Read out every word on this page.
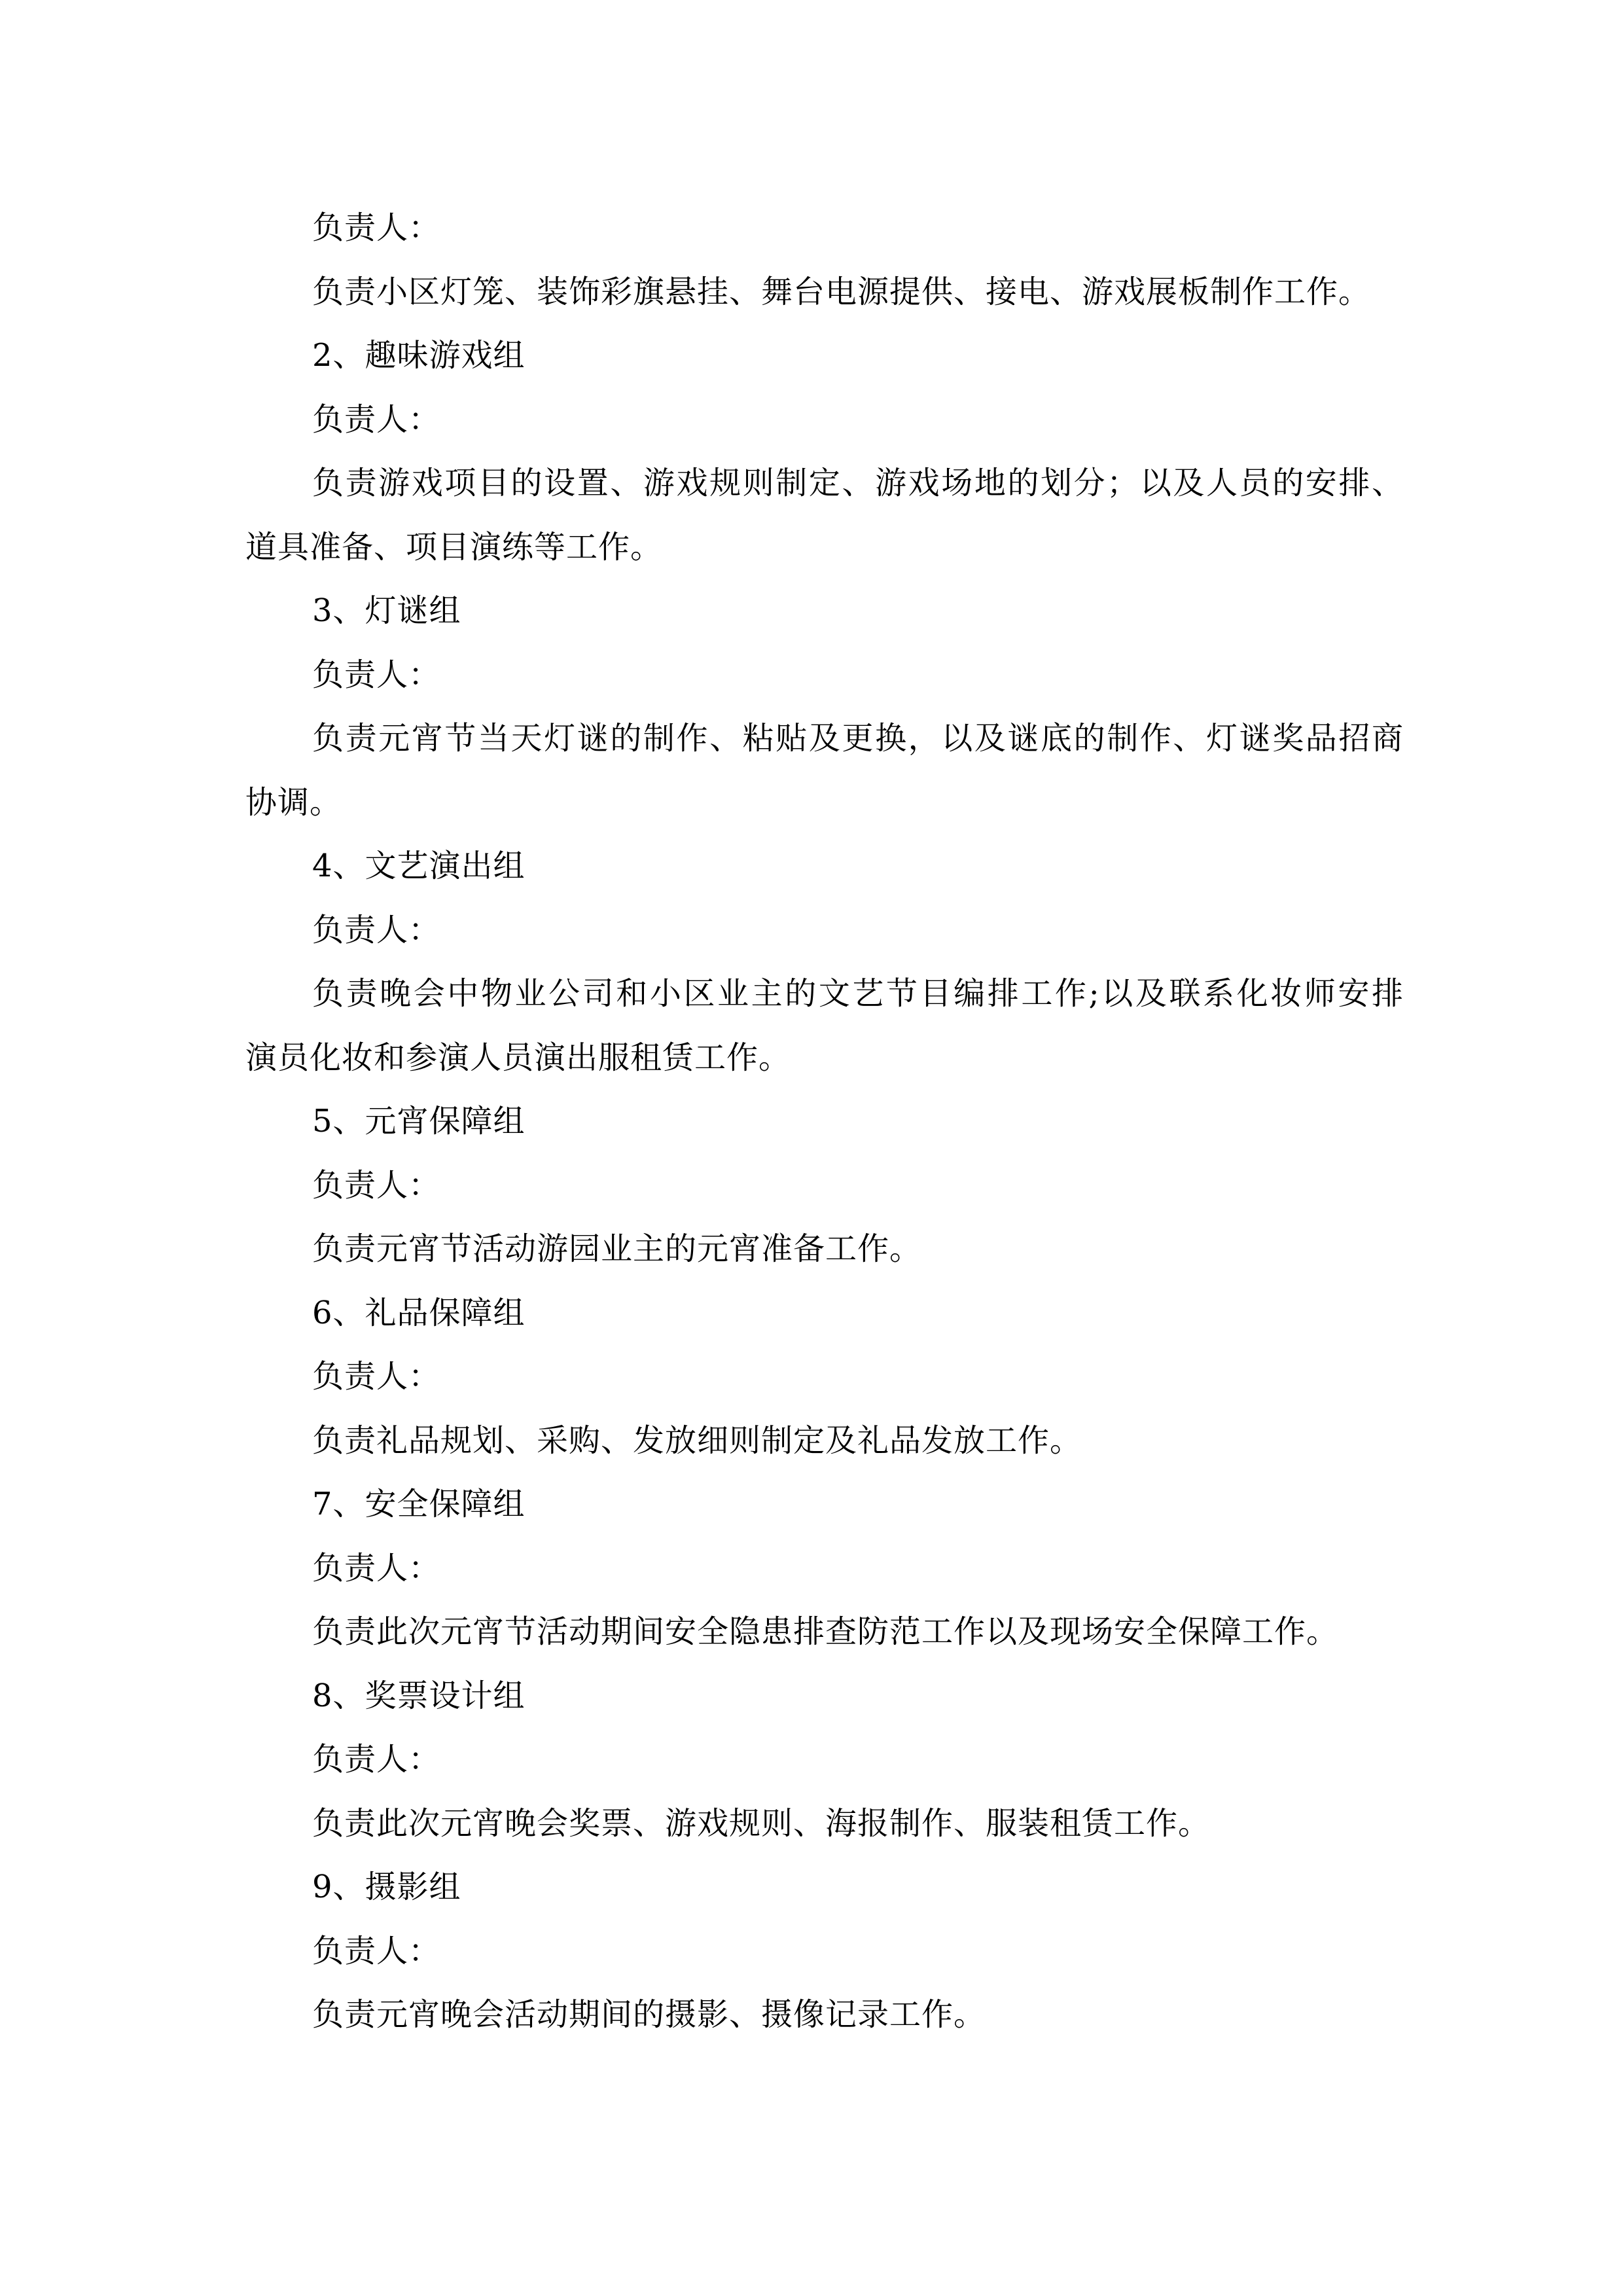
负责人：
负责小区灯笼、装饰彩旗悬挂、舞台电源提供、接电、游戏展板制作工作。
2、趣味游戏组
负责人：
负责游戏项目的设置、游戏规则制定、游戏场地的划分；以及人员的安排、
道具准备、项目演练等工作。
3、灯谜组
负责人：
负责元宵节当天灯谜的制作、粘贴及更换，以及谜底的制作、灯谜奖品招商
协调。
4、文艺演出组
负责人：
负责晚会中物业公司和小区业主的文艺节目编排工作;以及联系化妆师安排
演员化妆和参演人员演出服租赁工作。
5、元宵保障组
负责人：
负责元宵节活动游园业主的元宵准备工作。
6、礼品保障组
负责人：
负责礼品规划、采购、发放细则制定及礼品发放工作。
7、安全保障组
负责人：
负责此次元宵节活动期间安全隐患排查防范工作以及现场安全保障工作。
8、奖票设计组
负责人：
负责此次元宵晚会奖票、游戏规则、海报制作、服装租赁工作。
9、摄影组
负责人：
负责元宵晚会活动期间的摄影、摄像记录工作。
